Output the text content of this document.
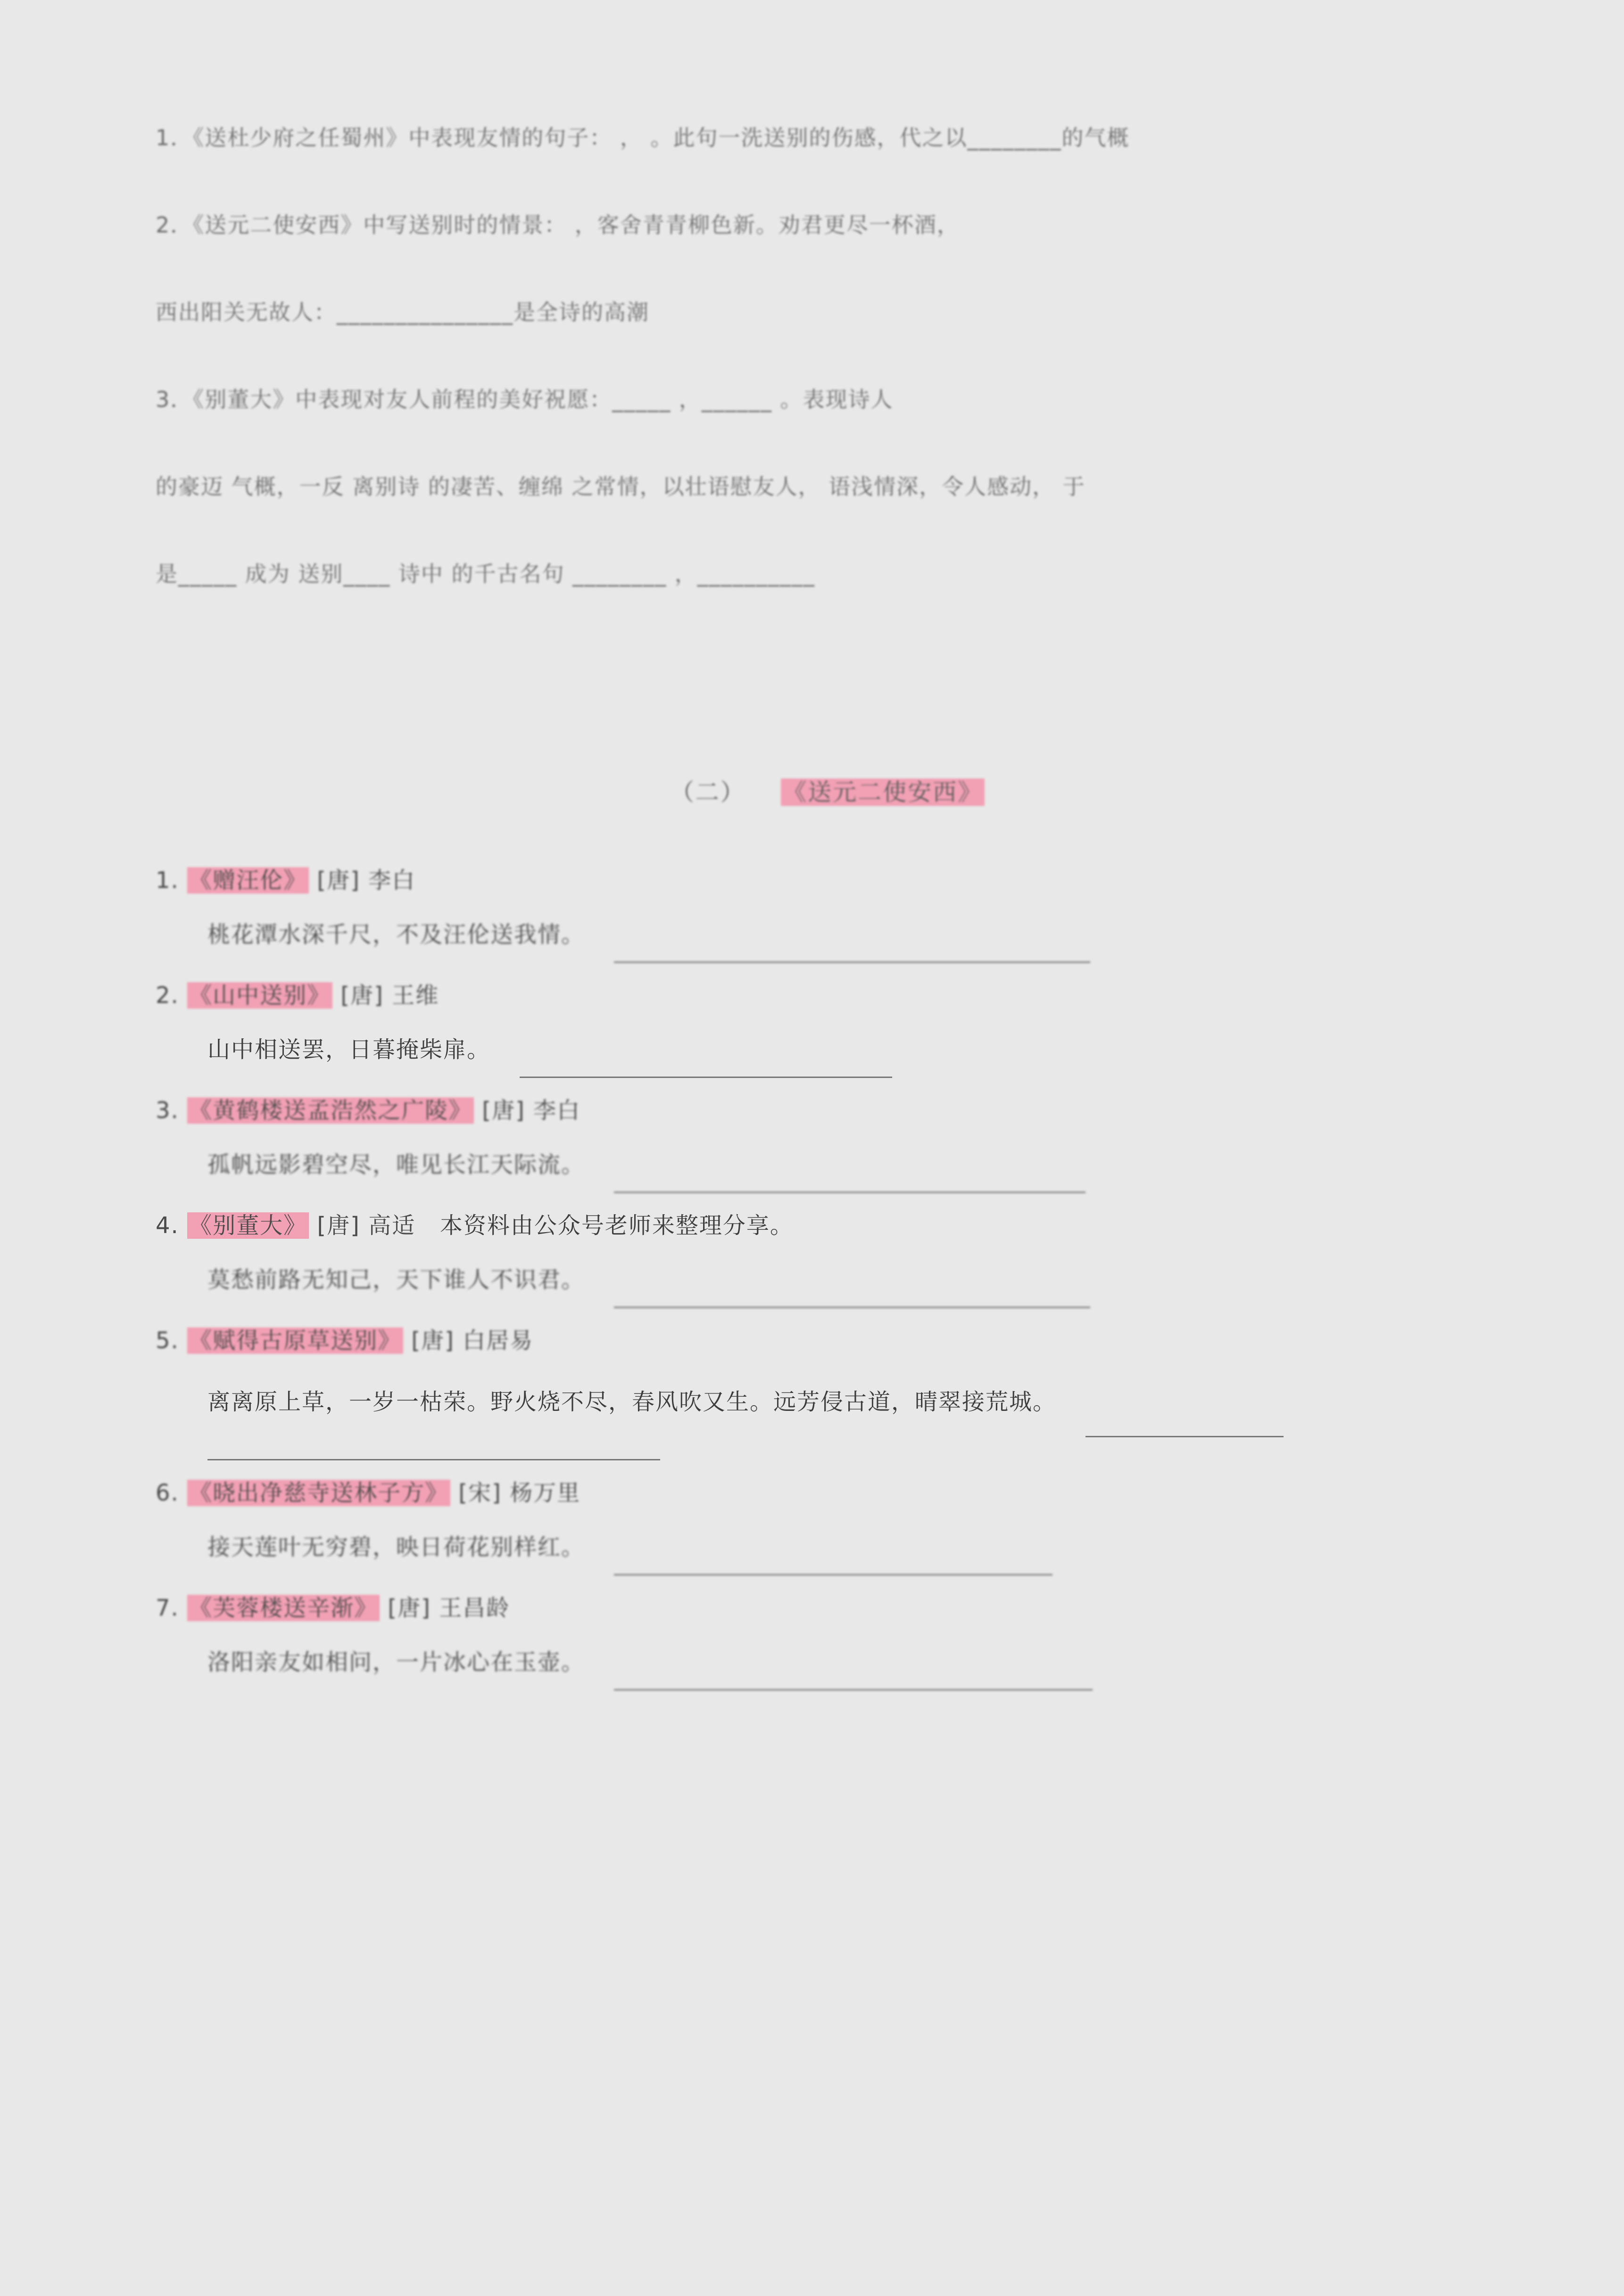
1．《送杜少府之任蜀州》中表现友情的句子： ， 。此句一洗送别的伤感，代之以________的气概
2．《送元二使安西》中写送别时的情景： ，客舍青青柳色新。劝君更尽一杯酒，
西出阳关无故人：_______________是全诗的高潮
3．《别董大》中表现对友人前程的美好祝愿：_____ ，______ 。表现诗人
的豪迈 气概，一反 离别诗 的凄苦、缠绵 之常情，以壮语慰友人， 语浅情深，令人感动， 于
是_____ 成为 送别____ 诗中 的千古名句 ________ ，__________
（二） 《送元二使安西》
1. 《赠汪伦》 [唐] 李白
桃花潭水深千尺，不及汪伦送我情。
2. 《山中送别》 [唐] 王维
山中相送罢，日暮掩柴扉。
3. 《黄鹤楼送孟浩然之广陵》 [唐] 李白
孤帆远影碧空尽，唯见长江天际流。
4. 《别董大》 [唐] 高适 本资料由公众号老师来整理分享。
莫愁前路无知己，天下谁人不识君。
5. 《赋得古原草送别》 [唐] 白居易
离离原上草，一岁一枯荣。野火烧不尽，春风吹又生。远芳侵古道，晴翠接荒城。
6. 《晓出净慈寺送林子方》 [宋] 杨万里
接天莲叶无穷碧，映日荷花别样红。
7. 《芙蓉楼送辛渐》 [唐] 王昌龄
洛阳亲友如相问，一片冰心在玉壶。
